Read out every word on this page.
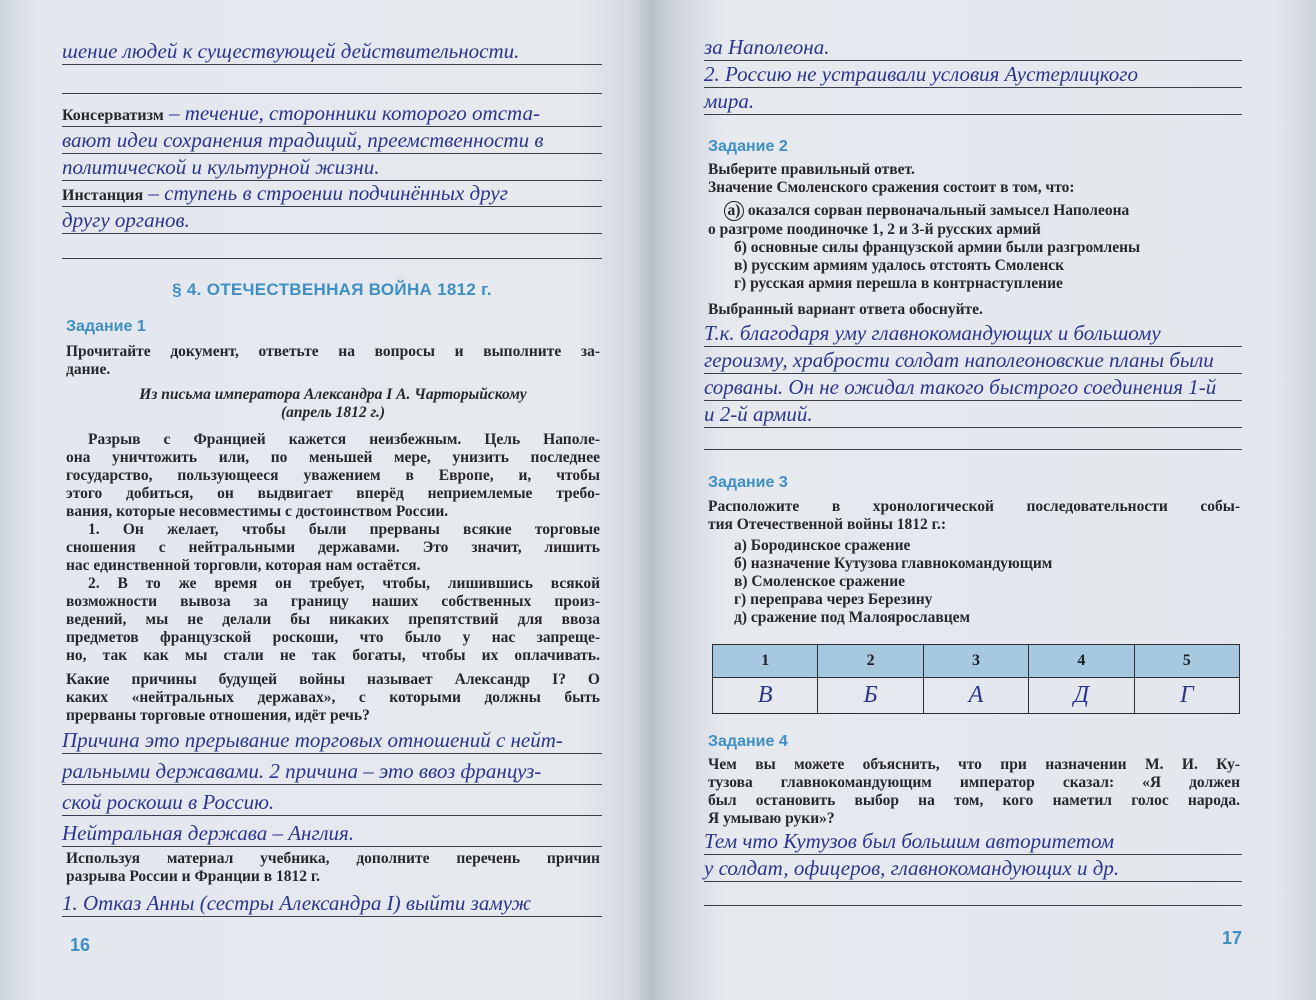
шение людей к существующей действительности.
Консерватизм – течение, сторонники которого отста-
вают идеи сохранения традиций, преемственности в
политической и культурной жизни.
Инстанция – ступень в строении подчинённых друг
другу органов.
§ 4. ОТЕЧЕСТВЕННАЯ ВОЙНА 1812 г.
Задание 1
Прочитайте документ, ответьте на вопросы и выполните за-
дание.
Из письма императора Александра I А. Чарторыйскому
(апрель 1812 г.)
Разрыв с Францией кажется неизбежным. Цель Наполе-
она уничтожить или, по меньшей мере, унизить последнее
государство, пользующееся уважением в Европе, и, чтобы
этого добиться, он выдвигает вперёд неприемлемые требо-
вания, которые несовместимы с достоинством России.
1. Он желает, чтобы были прерваны всякие торговые
сношения с нейтральными державами. Это значит, лишить
нас единственной торговли, которая нам остаётся.
2. В то же время он требует, чтобы, лишившись всякой
возможности вывоза за границу наших собственных произ-
ведений, мы не делали бы никаких препятствий для ввоза
предметов французской роскоши, что было у нас запреще-
но, так как мы стали не так богаты, чтобы их оплачивать.
Какие причины будущей войны называет Александр I? О
каких «нейтральных державах», с которыми должны быть
прерваны торговые отношения, идёт речь?
Причина это прерывание торговых отношений с нейт-
ральными державами. 2 причина – это ввоз француз-
ской роскоши в Россию.
Нейтральная держава – Англия.
Используя материал учебника, дополните перечень причин
разрыва России и Франции в 1812 г.
1. Отказ Анны (сестры Александра I) выйти замуж
16
за Наполеона.
2. Россию не устраивали условия Аустерлицкого
мира.
Задание 2
Выберите правильный ответ.
Значение Смоленского сражения состоит в том, что:
а) оказался сорван первоначальный замысел Наполеона
о разгроме поодиночке 1, 2 и 3-й русских армий
б) основные силы французской армии были разгромлены
в) русским армиям удалось отстоять Смоленск
г) русская армия перешла в контрнаступление
Выбранный вариант ответа обоснуйте.
Т.к. благодаря уму главнокомандующих и большому
героизму, храбрости солдат наполеоновские планы были
сорваны. Он не ожидал такого быстрого соединения 1-й
и 2-й армий.
Задание 3
Расположите в хронологической последовательности собы-
тия Отечественной войны 1812 г.:
а) Бородинское сражение
б) назначение Кутузова главнокомандующим
в) Смоленское сражение
г) переправа через Березину
д) сражение под Малоярославцем
1	2	3	4	5
В	Б	А	Д	Г
Задание 4
Чем вы можете объяснить, что при назначении М. И. Ку-
тузова главнокомандующим император сказал: «Я должен
был остановить выбор на том, кого наметил голос народа.
Я умываю руки»?
Тем что Кутузов был большим авторитетом
у солдат, офицеров, главнокомандующих и др.
17
